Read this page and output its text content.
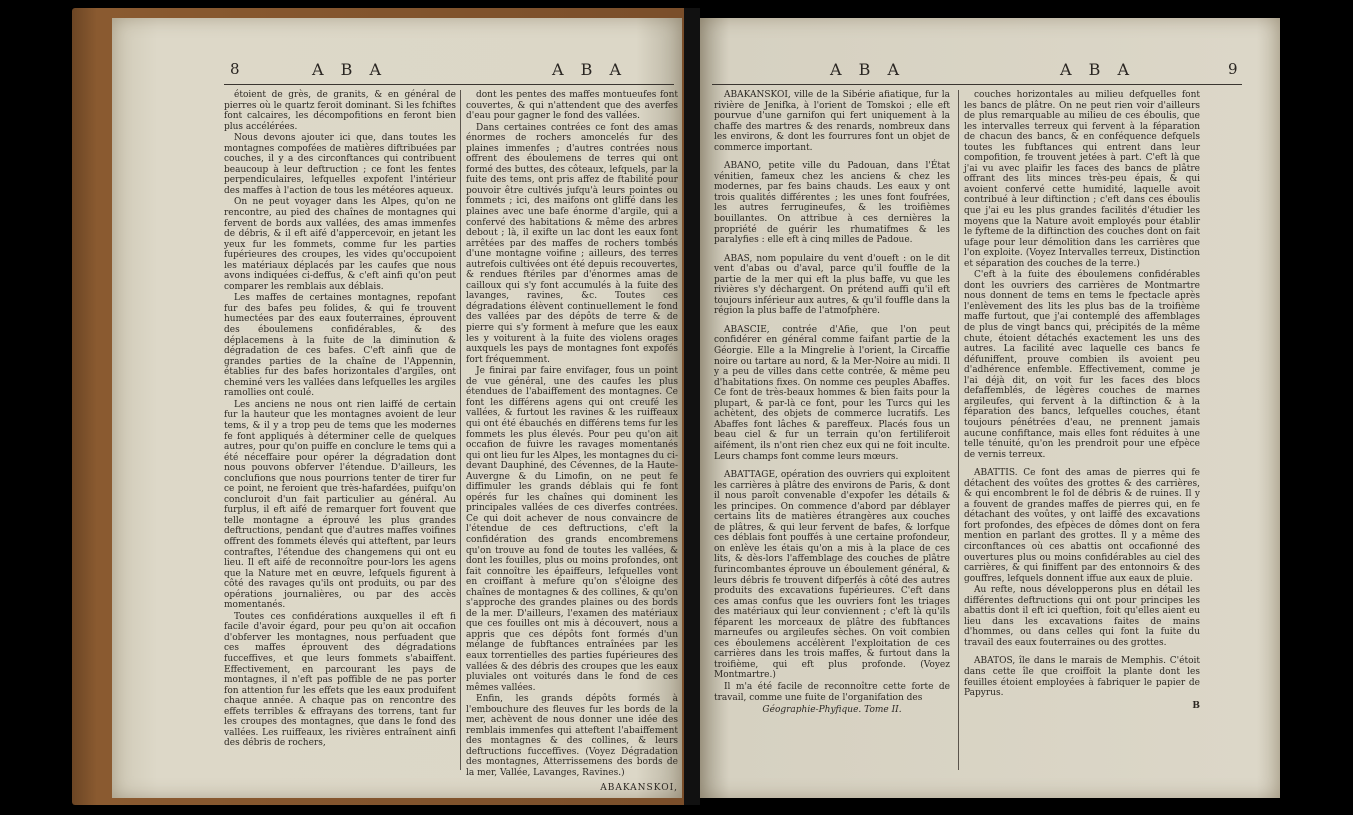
8	A B A	A B A

étoient de grès, de granits, & en général de pierres où le quartz feroit dominant. Si les fchiftes font calcaires, les décompofitions en feront bien plus accélérées.

Nous devons ajouter ici que, dans toutes les montagnes compofées de matières diftribuées par couches, il y a des circonftances qui contribuent beaucoup à leur deftruction ; ce font les fentes perpendiculaires, lefquelles expofent l'intérieur des maffes à l'action de tous les météores aqueux.

On ne peut voyager dans les Alpes, qu'on ne rencontre, au pied des chaînes de montagnes qui fervent de bords aux vallées, des amas immenfes de débris, & il eft aifé d'appercevoir, en jetant les yeux fur les fommets, comme fur les parties fupérieures des croupes, les vides qu'occupoient les matériaux déplacés par les caufes que nous avons indiquées ci-deffus, & c'eft ainfi qu'on peut comparer les remblais aux déblais.

Les maffes de certaines montagnes, repofant fur des bafes peu folides, & qui fe trouvent humectées par des eaux fouterraines, éprouvent des éboulemens confidérables, & des déplacemens à la fuite de la diminution & dégradation de ces bafes. C'eft ainfi que de grandes parties de la chaîne de l'Appennin, établies fur des bafes horizontales d'argiles, ont cheminé vers les vallées dans lefquelles les argiles ramollies ont coulé.

Les anciens ne nous ont rien laiffé de certain fur la hauteur que les montagnes avoient de leur tems, & il y a trop peu de tems que les modernes fe font appliqués à déterminer celle de quelques autres, pour qu'on puiffe en conclure le tems qui a été néceffaire pour opérer la dégradation dont nous pouvons obferver l'étendue. D'ailleurs, les conclufions que nous pourrions tenter de tirer fur ce point, ne feroient que très-hafardées, puifqu'on concluroit d'un fait particulier au général. Au furplus, il eft aifé de remarquer fort fouvent que telle montagne a éprouvé les plus grandes deftructions, pendant que d'autres maffes voifines offrent des fommets élevés qui atteftent, par leurs contraftes, l'étendue des changemens qui ont eu lieu. Il eft aifé de reconnoître pour-lors les agens que la Nature met en œuvre, lefquels figurent à côté des ravages qu'ils ont produits, ou par des opérations journalières, ou par des accès momentanés.

Toutes ces confidérations auxquelles il eft fi facile d'avoir égard, pour peu qu'on ait occafion d'obferver les montagnes, nous perfuadent que ces maffes éprouvent des dégradations fucceffives, et que leurs fommets s'abaiffent. Effectivement, en parcourant les pays de montagnes, il n'eft pas poffible de ne pas porter fon attention fur les effets que les eaux produifent chaque année. A chaque pas on rencontre des effets terribles & effrayans des torrens, tant fur les croupes des montagnes, que dans le fond des vallées. Les ruiffeaux, les rivières entraînent ainfi des débris de rochers,

dont les pentes des maffes montueufes font couvertes, & qui n'attendent que des averfes d'eau pour gagner le fond des vallées.

Dans certaines contrées ce font des amas énormes de rochers amoncelés fur des plaines immenfes ; d'autres contrées nous offrent des éboulemens de terres qui ont formé des buttes, des côteaux, lefquels, par la fuite des tems, ont pris affez de ftabilité pour pouvoir être cultivés jufqu'à leurs pointes ou fommets ; ici, des maifons ont gliffé dans les plaines avec une bafe énorme d'argile, qui a confervé des habitations & même des arbres debout ; là, il exifte un lac dont les eaux font arrêtées par des maffes de rochers tombés d'une montagne voifine ; ailleurs, des terres autrefois cultivées ont été depuis recouvertes, & rendues ftériles par d'énormes amas de cailloux qui s'y font accumulés à la fuite des lavanges, ravines, &c. Toutes ces dégradations élèvent continuellement le fond des vallées par des dépôts de terre & de pierre qui s'y forment à mefure que les eaux les y voiturent à la fuite des violens orages auxquels les pays de montagnes font expofés fort fréquemment.

Je finirai par faire envifager, fous un point de vue général, une des caufes les plus étendues de l'abaiffement des montagnes. Ce font les différens agens qui ont creufé les vallées, & furtout les ravines & les ruiffeaux qui ont été ébauchés en différens tems fur les fommets les plus élevés. Pour peu qu'on ait occafion de fuivre les ravages momentanés qui ont lieu fur les Alpes, les montagnes du ci-devant Dauphiné, des Cévennes, de la Haute-Auvergne & du Limofin, on ne peut fe diffimuler les grands déblais qui fe font opérés fur les chaînes qui dominent les principales vallées de ces diverfes contrées. Ce qui doit achever de nous convaincre de l'étendue de ces deftructions, c'eft la confidération des grands encombremens qu'on trouve au fond de toutes les vallées, & dont les fouilles, plus ou moins profondes, ont fait connoître les épaiffeurs, lefquelles vont en croiffant à mefure qu'on s'éloigne des chaînes de montagnes & des collines, & qu'on s'approche des grandes plaines ou des bords de la mer. D'ailleurs, l'examen des matériaux que ces fouilles ont mis à découvert, nous a appris que ces dépôts font formés d'un mélange de fubftances entraînées par les eaux torrentielles des parties fupérieures des vallées & des débris des croupes que les eaux pluviales ont voiturés dans le fond de ces mêmes vallées.

Enfin, les grands dépôts formés à l'embouchure des fleuves fur les bords de la mer, achèvent de nous donner une idée des remblais immenfes qui atteftent l'abaiffement des montagnes & des collines, & leurs deftructions fucceffives. (Voyez Dégradation des montagnes, Atterrissemens des bords de la mer, Vallée, Lavanges, Ravines.)

ABAKANSKOI,

A B A	A B A	9

ABAKANSKOI, ville de la Sibérie afiatique, fur la rivière de Jenifka, à l'orient de Tomskoi ; elle eft pourvue d'une garnifon qui fert uniquement à la chaffe des martres & des renards, nombreux dans les environs, & dont les fourrures font un objet de commerce important.

ABANO, petite ville du Padouan, dans l'État vénitien, fameux chez les anciens & chez les modernes, par fes bains chauds. Les eaux y ont trois qualités différentes ; les unes font foufrées, les autres ferrugineufes, & les troifièmes bouillantes. On attribue à ces dernières la propriété de guérir les rhumatifmes & les paralyfies : elle eft à cinq milles de Padoue.

ABAS, nom populaire du vent d'oueft : on le dit vent d'abas ou d'aval, parce qu'il fouffle de la partie de la mer qui eft la plus baffe, vu que les rivières s'y déchargent. On prétend auffi qu'il eft toujours inférieur aux autres, & qu'il fouffle dans la région la plus baffe de l'atmofphère.

ABASCIE, contrée d'Afie, que l'on peut confidérer en général comme faifant partie de la Géorgie. Elle a la Mingrelie à l'orient, la Circaffie noire ou tartare au nord, & la Mer-Noire au midi. Il y a peu de villes dans cette contrée, & même peu d'habitations fixes. On nomme ces peuples Abaffes. Ce font de très-beaux hommes & bien faits pour la plupart, & par-là ce font, pour les Turcs qui les achètent, des objets de commerce lucratifs. Les Abaffes font lâches & pareffeux. Placés fous un beau ciel & fur un terrain qu'on fertiliferoit aifément, ils n'ont rien chez eux qui ne foit inculte. Leurs champs font comme leurs mœurs.

ABATTAGE, opération des ouvriers qui exploitent les carrières à plâtre des environs de Paris, & dont il nous paroît convenable d'expofer les détails & les principes. On commence d'abord par déblayer certains lits de matières étrangères aux couches de plâtres, & qui leur fervent de bafes, & lorfque ces déblais font pouffés à une certaine profondeur, on enlève les étais qu'on a mis à la place de ces lits, & dès-lors l'affemblage des couches de plâtre furincombantes éprouve un éboulement général, & leurs débris fe trouvent difperfés à côté des autres produits des excavations fupérieures. C'eft dans ces amas confus que les ouvriers font les triages des matériaux qui leur conviennent ; c'eft là qu'ils féparent les morceaux de plâtre des fubftances marneufes ou argileufes sèches. On voit combien ces éboulemens accélèrent l'exploitation de ces carrières dans les trois maffes, & furtout dans la troifième, qui eft plus profonde. (Voyez Montmartre.)

Il m'a été facile de reconnoître cette forte de travail, comme une fuite de l'organifation des

Géographie-Phyfique. Tome II.

couches horizontales au milieu defquelles font les bancs de plâtre. On ne peut rien voir d'ailleurs de plus remarquable au milieu de ces éboulis, que les intervalles terreux qui fervent à la féparation de chacun des bancs, & en conféquence defquels toutes les fubftances qui entrent dans leur compofition, fe trouvent jetées à part. C'eft là que j'ai vu avec plaifir les faces des bancs de plâtre offrant des lits minces très-peu épais, & qui avoient confervé cette humidité, laquelle avoit contribué à leur diftinction ; c'eft dans ces éboulis que j'ai eu les plus grandes facilités d'étudier les moyens que la Nature avoit employés pour établir le fyfteme de la diftinction des couches dont on fait ufage pour leur démolition dans les carrières que l'on exploite. (Voyez Intervalles terreux, Distinction et séparation des couches de la terre.)

C'eft à la fuite des éboulemens confidérables dont les ouvriers des carrières de Montmartre nous donnent de tems en tems le fpectacle après l'enlèvement des lits les plus bas de la troifième maffe furtout, que j'ai contemplé des affemblages de plus de vingt bancs qui, précipités de la même chute, étoient détachés exactement les uns des autres. La facilité avec laquelle ces bancs fe défuniffent, prouve combien ils avoient peu d'adhérence enfemble. Effectivement, comme je l'ai déjà dit, on voit fur les faces des blocs defaffemblés, de légères couches de marnes argileufes, qui fervent à la diftinction & à la féparation des bancs, lefquelles couches, étant toujours pénétrées d'eau, ne prennent jamais aucune confiftance, mais elles font réduites à une telle ténuité, qu'on les prendroit pour une efpèce de vernis terreux.

ABATTIS. Ce font des amas de pierres qui fe détachent des voûtes des grottes & des carrières, & qui encombrent le fol de débris & de ruines. Il y a fouvent de grandes maffes de pierres qui, en fe détachant des voûtes, y ont laiffé des excavations fort profondes, des efpèces de dômes dont on fera mention en parlant des grottes. Il y a même des circonftances où ces abattis ont occafionné des ouvertures plus ou moins confidérables au ciel des carrières, & qui finiffent par des entonnoirs & des gouffres, lefquels donnent iffue aux eaux de pluie.

Au refte, nous développerons plus en détail les différentes deftructions qui ont pour principes les abattis dont il eft ici queftion, foit qu'elles aient eu lieu dans les excavations faites de mains d'hommes, ou dans celles qui font la fuite du travail des eaux fouterraines ou des grottes.

ABATOS, île dans le marais de Memphis. C'étoit dans cette île que croiffoit la plante dont les feuilles étoient employées à fabriquer le papier de Papyrus.

B
